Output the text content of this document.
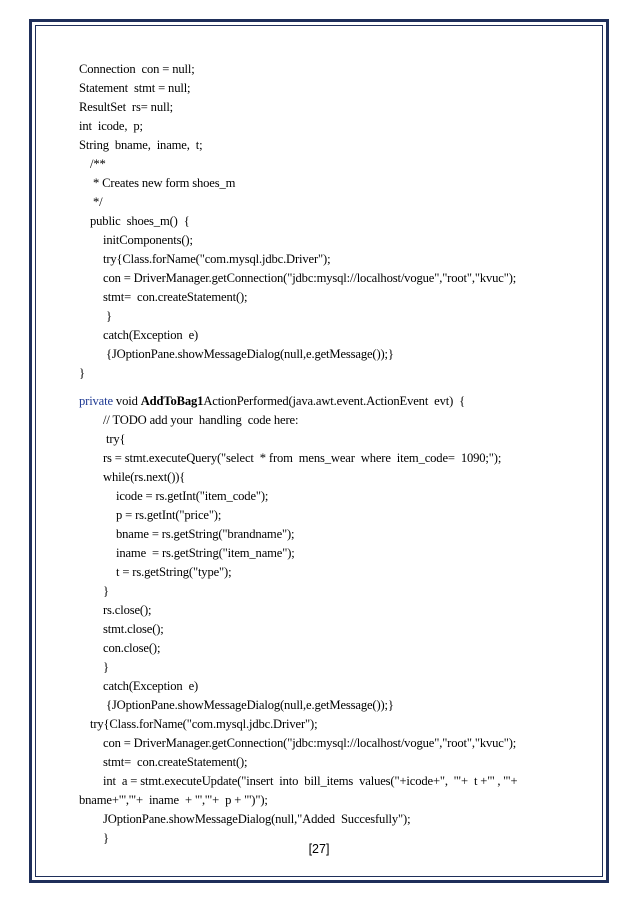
Connection  con = null;
Statement  stmt = null;
ResultSet  rs= null;
int  icode,  p;
String  bname,  iname,  t;
/**
* Creates new form shoes_m
*/
public  shoes_m()  {
initComponents();
try{Class.forName("com.mysql.jdbc.Driver");
con = DriverManager.getConnection("jdbc:mysql://localhost/vogue","root","kvuc");
stmt=  con.createStatement();
}
catch(Exception  e)
{JOptionPane.showMessageDialog(null,e.getMessage());}
}
private void AddToBag1ActionPerformed(java.awt.event.ActionEvent  evt)  {
// TODO add your  handling  code here:
try{
rs = stmt.executeQuery("select  * from  mens_wear  where  item_code=  1090;");
while(rs.next()){
icode = rs.getInt("item_code");
p = rs.getInt("price");
bname = rs.getString("brandname");
iname  = rs.getString("item_name");
t = rs.getString("type");
}
rs.close();
stmt.close();
con.close();
}
catch(Exception  e)
{JOptionPane.showMessageDialog(null,e.getMessage());}
try{Class.forName("com.mysql.jdbc.Driver");
con = DriverManager.getConnection("jdbc:mysql://localhost/vogue","root","kvuc");
stmt=  con.createStatement();
int  a = stmt.executeUpdate("insert  into  bill_items  values("+icode+",  '"+  t +"' , '"+
bname+"','"+  iname  + "','"+  p + "')");
JOptionPane.showMessageDialog(null,"Added  Succesfully");
}
[27]
